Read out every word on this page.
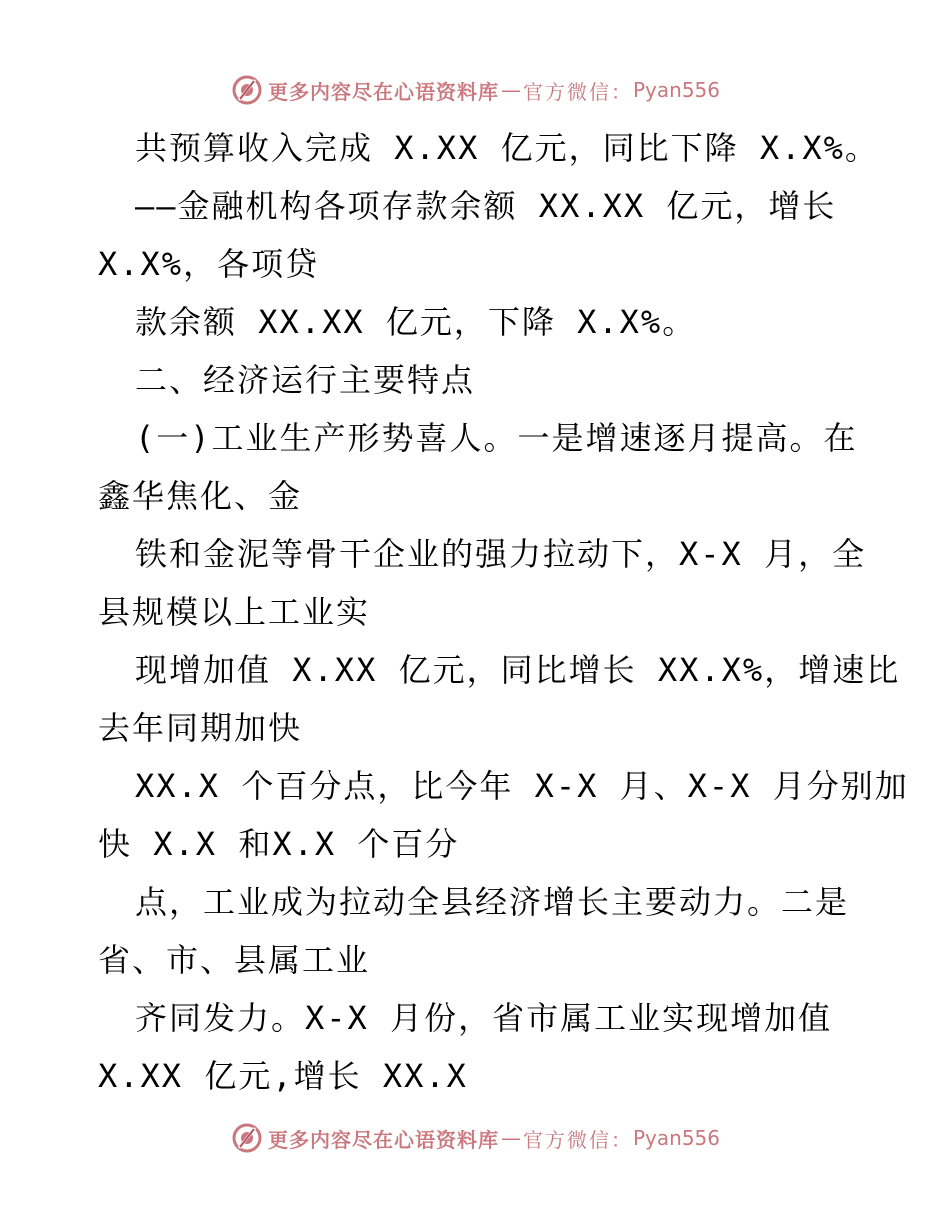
更多内容尽在心语资料库 — 官方微信： Pyan556
共预算收入完成 X.XX 亿元，同比下降 X.X%。
——金融机构各项存款余额 XX.XX 亿元，增长
X.X%，各项贷
款余额 XX.XX 亿元，下降 X.X%。
二、经济运行主要特点
(一)工业生产形势喜人。一是增速逐月提高。在
鑫华焦化、金
铁和金泥等骨干企业的强力拉动下，X-X 月，全
县规模以上工业实
现增加值 X.XX 亿元，同比增长 XX.X%，增速比
去年同期加快
XX.X 个百分点，比今年 X-X 月、X-X 月分别加
快 X.X 和X.X 个百分
点，工业成为拉动全县经济增长主要动力。二是
省、市、县属工业
齐同发力。X-X 月份，省市属工业实现增加值
X.XX 亿元,增长 XX.X
更多内容尽在心语资料库 — 官方微信： Pyan556
